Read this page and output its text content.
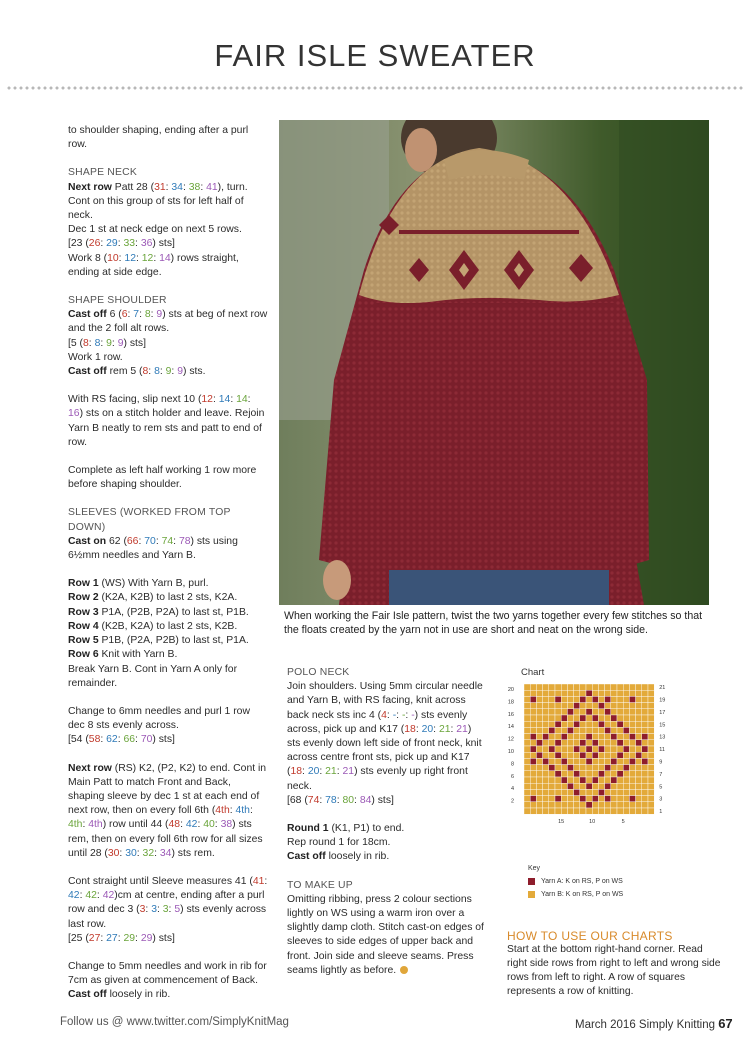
FAIR ISLE SWEATER

to shoulder shaping, ending after a purl row.

SHAPE NECK
Next row Patt 28 (31: 34: 38: 41), turn. Cont on this group of sts for left half of neck.
Dec 1 st at neck edge on next 5 rows.
[23 (26: 29: 33: 36) sts]

Work 8 (10: 12: 12: 14) rows straight, ending at side edge.

SHAPE SHOULDER
Cast off 6 (6: 7: 8: 9) sts at beg of next row and the 2 foll alt rows.
[5 (8: 8: 9: 9) sts]
Work 1 row.

Cast off rem 5 (8: 8: 9: 9) sts.

With RS facing, slip next 10 (12: 14: 14: 16) sts on a stitch holder and leave. Rejoin Yarn B neatly to rem sts and patt to end of row.

Complete as left half working 1 row more before shaping shoulder.

SLEEVES (WORKED FROM TOP DOWN)

Cast on 62 (66: 70: 74: 78) sts using 6½mm needles and Yarn B.

Row 1 (WS) With Yarn B, purl.
Row 2 (K2A, K2B) to last 2 sts, K2A.
Row 3 P1A, (P2B, P2A) to last st, P1B.
Row 4 (K2B, K2A) to last 2 sts, K2B.
Row 5 P1B, (P2A, P2B) to last st, P1A.
Row 6 Knit with Yarn B.

Break Yarn B. Cont in Yarn A only for remainder.

Change to 6mm needles and purl 1 row dec 8 sts evenly across.

[54 (58: 62: 66: 70) sts]

Next row (RS) K2, (P2, K2) to end. Cont in Main Patt to match Front and Back, shaping sleeve by dec 1 st at each end of next row, then on every foll 6th (4th: 4th: 4th: 4th) row until 44 (48: 42: 40: 38) sts rem, then on every foll 6th row for all sizes until 28 (30: 30: 32: 34) sts rem.

Cont straight until Sleeve measures 41 (41: 42: 42: 42)cm at centre, ending after a purl row and dec 3 (3: 3: 3: 5) sts evenly across last row.
[25 (27: 27: 29: 29) sts]

Change to 5mm needles and work in rib for 7cm as given at commencement of Back.
Cast off loosely in rib.
When working the Fair Isle pattern, twist the two yarns together every few stitches so that the floats created by the yarn not in use are short and neat on the wrong side.
POLO NECK
Join shoulders. Using 5mm circular needle and Yarn B, with RS facing, knit across back neck sts inc 4 (4: -: -: -) sts evenly across, pick up and K17 (18: 20: 21: 21) sts evenly down left side of front neck, knit across centre front sts, pick up and K17 (18: 20: 21: 21) sts evenly up right front neck.

[68 (74: 78: 80: 84) sts]

Round 1 (K1, P1) to end.
Rep round 1 for 18cm.

Cast off loosely in rib.

TO MAKE UP
Omitting ribbing, press 2 colour sections lightly on WS using a warm iron over a slightly damp cloth. Stitch cast-on edges of sleeves to side edges of upper back and front. Join side and sleeve seams. Press seams lightly as before.
Chart
20
18
16
14
12
10
8
6
4
2
21
19
17
15
13
11
9
7
5
3
1
15	10	5
Key
Yarn A: K on RS, P on WS
Yarn B: K on RS, P on WS
HOW TO USE OUR CHARTS
Start at the bottom right-hand corner. Read right side rows from right to left and wrong side rows from left to right. A row of squares represents a row of knitting.
Follow us @ www.twitter.com/SimplyKnitMag	March 2016 Simply Knitting 67
